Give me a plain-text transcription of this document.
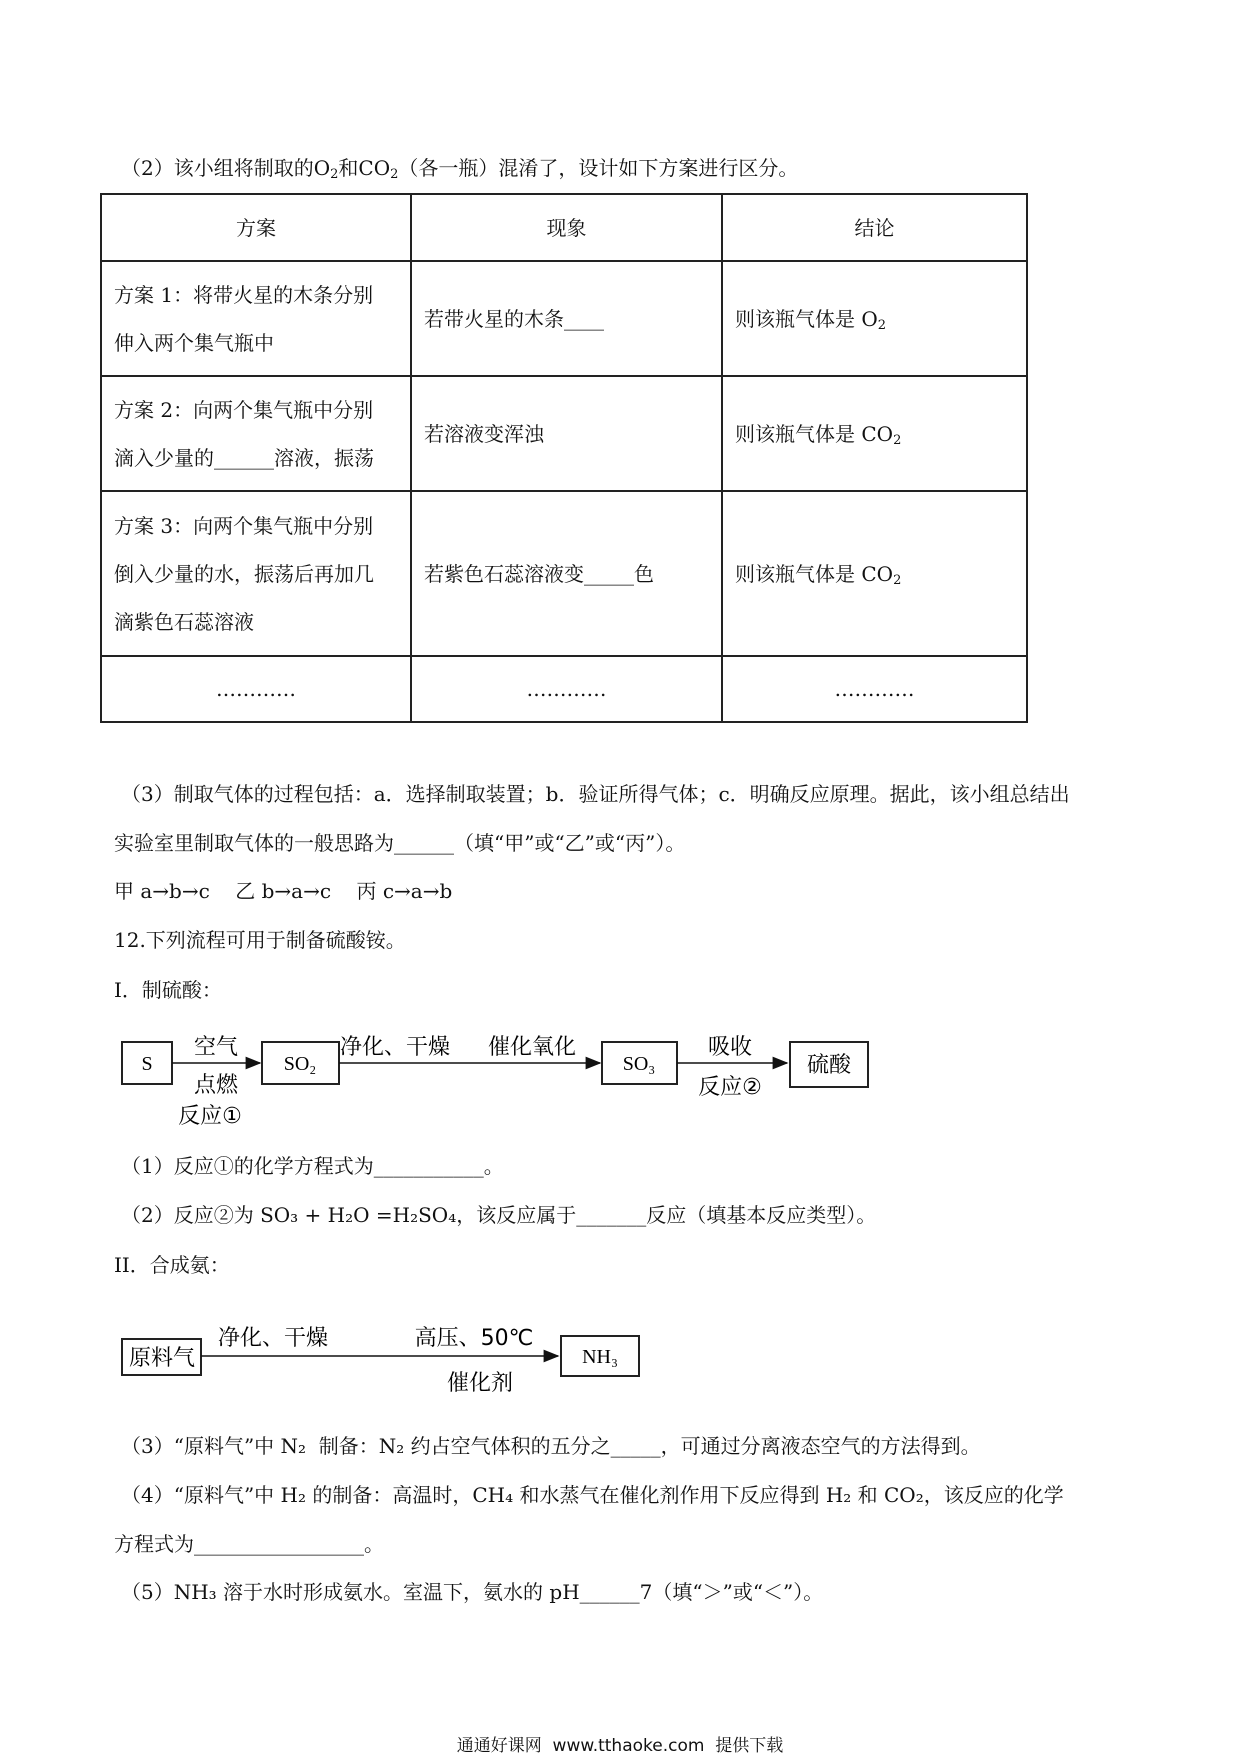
（2）该小组将制取的$O_2$和$CO_2$（各一瓶）混淆了，设计如下方案进行区分。
方案	现象	结论

方案 1：将带火星的木条分别
伸入两个集气瓶中	若带火星的木条____	则该瓶气体是 $O_2$

方案 2：向两个集气瓶中分别
滴入少量的______溶液，振荡	若溶液变浑浊	则该瓶气体是 $CO_2$

方案 3：向两个集气瓶中分别
倒入少量的水，振荡后再加几
滴紫色石蕊溶液	若紫色石蕊溶液变_____色	则该瓶气体是 $CO_2$
…………	…………	…………
（3）制取气体的过程包括：a．选择制取装置；b．验证所得气体；c．明确反应原理。据此，该小组总结出
实验室里制取气体的一般思路为______（填“甲”或“乙”或“丙”）。
甲 a→b→c    乙 b→a→c    丙 c→a→b
12.下列流程可用于制备硫酸铵。
I．制硫酸：
S
空气
点燃
反应①
SO₂
净化、干燥 催化氧化
SO₃
吸收
反应②
硫酸
（1）反应①的化学方程式为___________。
（2）反应②为 SO₃ + H₂O =H₂SO₄，该反应属于_______反应（填基本反应类型）。
II．合成氨：
原料气
净化、干燥	高压、50℃
催化剂
NH₃
（3）“原料气”中 N₂  制备：N₂ 约占空气体积的五分之_____，可通过分离液态空气的方法得到。
（4）“原料气”中 H₂ 的制备：高温时，CH₄ 和水蒸气在催化剂作用下反应得到 H₂ 和 CO₂，该反应的化学
方程式为_________________。
（5）NH₃ 溶于水时形成氨水。室温下，氨水的 pH______7（填“＞”或“＜”）。
通通好课网  www.tthaoke.com  提供下载
